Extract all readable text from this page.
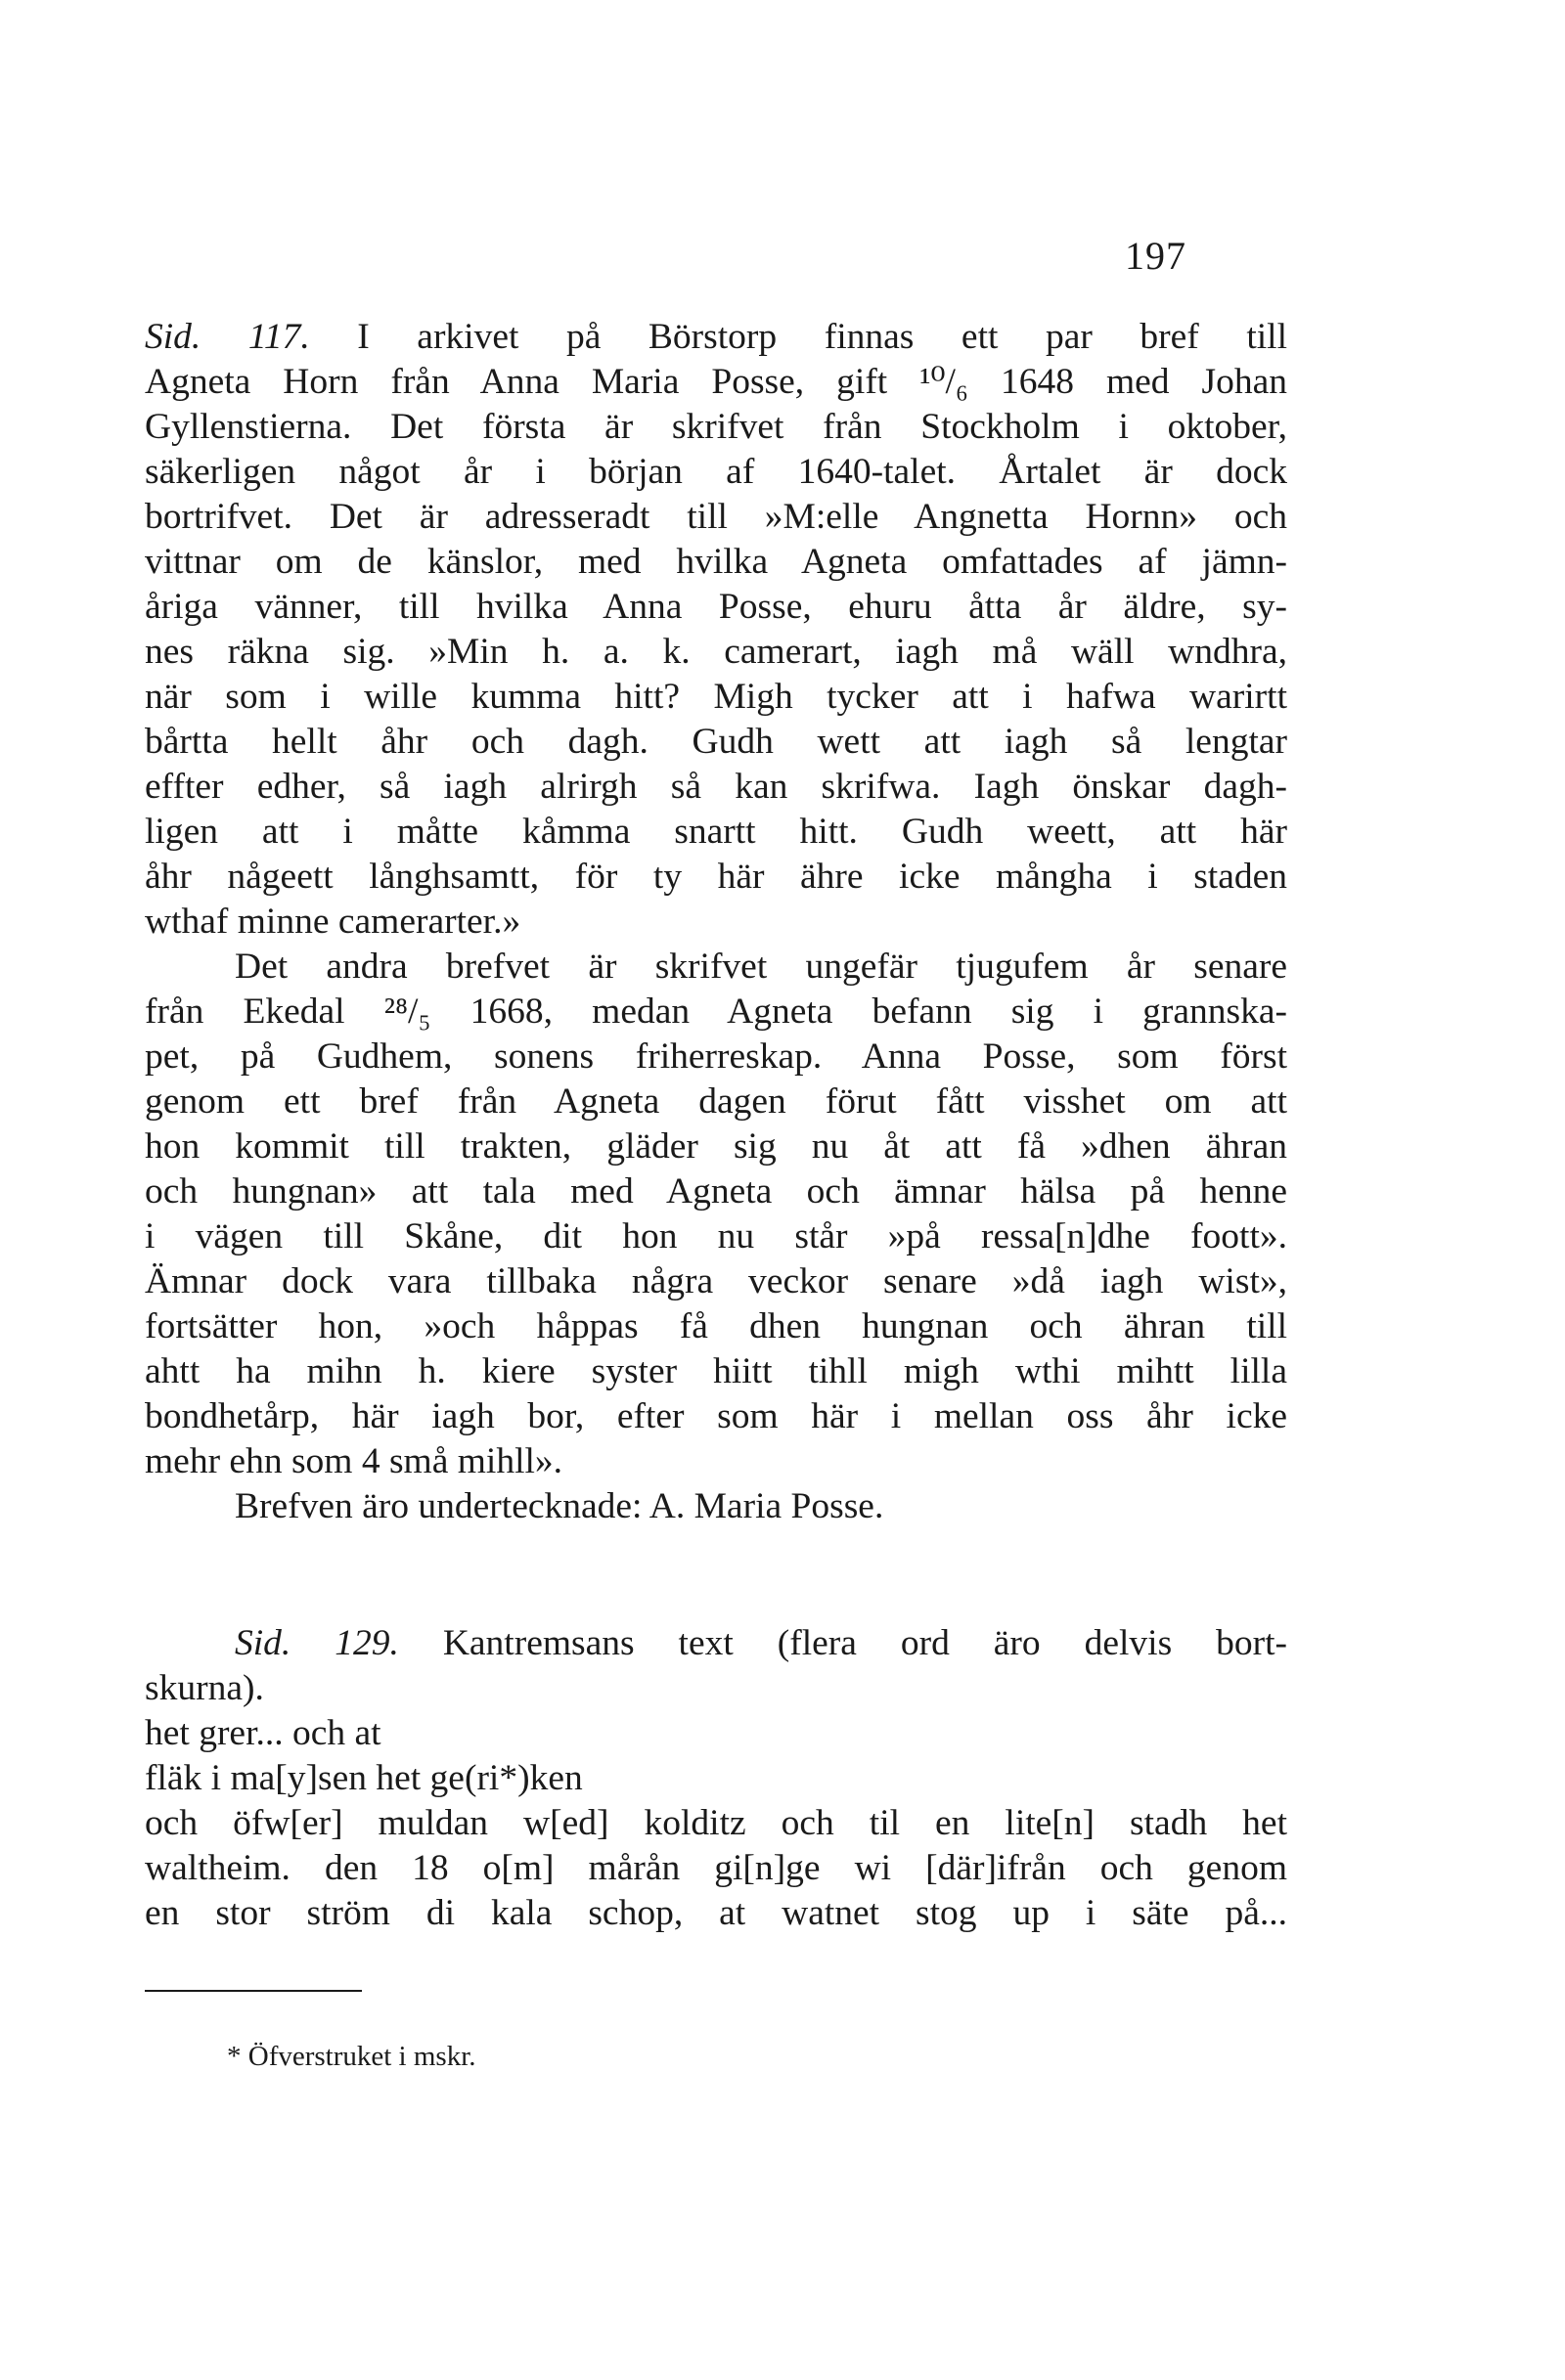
197
Sid. 117. I arkivet på Börstorp finnas ett par bref till
Agneta Horn från Anna Maria Posse, gift ¹⁰/₆ 1648 med Johan
Gyllenstierna. Det första är skrifvet från Stockholm i oktober,
säkerligen något år i början af 1640-talet. Årtalet är dock
bortrifvet. Det är adresseradt till »M:elle Angnetta Hornn» och
vittnar om de känslor, med hvilka Agneta omfattades af jämn-
åriga vänner, till hvilka Anna Posse, ehuru åtta år äldre, sy-
nes räkna sig. »Min h. a. k. camerart, iagh må wäll wndhra,
när som i wille kumma hitt? Migh tycker att i hafwa warirtt
bårtta hellt åhr och dagh. Gudh wett att iagh så lengtar
effter edher, så iagh alrirgh så kan skrifwa. Iagh önskar dagh-
ligen att i måtte kåmma snartt hitt. Gudh weett, att här
åhr någeett långhsamtt, för ty här ähre icke mångha i staden
wthaf minne camerarter.»
Det andra brefvet är skrifvet ungefär tjugufem år senare
från Ekedal ²⁸/₅ 1668, medan Agneta befann sig i grannska-
pet, på Gudhem, sonens friherreskap. Anna Posse, som först
genom ett bref från Agneta dagen förut fått visshet om att
hon kommit till trakten, gläder sig nu åt att få »dhen ähran
och hungnan» att tala med Agneta och ämnar hälsa på henne
i vägen till Skåne, dit hon nu står »på ressa[n]dhe foott».
Ämnar dock vara tillbaka några veckor senare »då iagh wist»,
fortsätter hon, »och håppas få dhen hungnan och ähran till
ahtt ha mihn h. kiere syster hiitt tihll migh wthi mihtt lilla
bondhetårp, här iagh bor, efter som här i mellan oss åhr icke
mehr ehn som 4 små mihll».
Brefven äro undertecknade: A. Maria Posse.
Sid. 129. Kantremsans text (flera ord äro delvis bort-
skurna).
het grer... och at
fläk i ma[y]sen het ge(ri*)ken
och öfw[er] muldan w[ed] kolditz och til en lite[n] stadh het
waltheim. den 18 o[m] mårån gi[n]ge wi [där]ifrån och genom
en stor ström di kala schop, at watnet stog up i säte på...
* Öfverstruket i mskr.
